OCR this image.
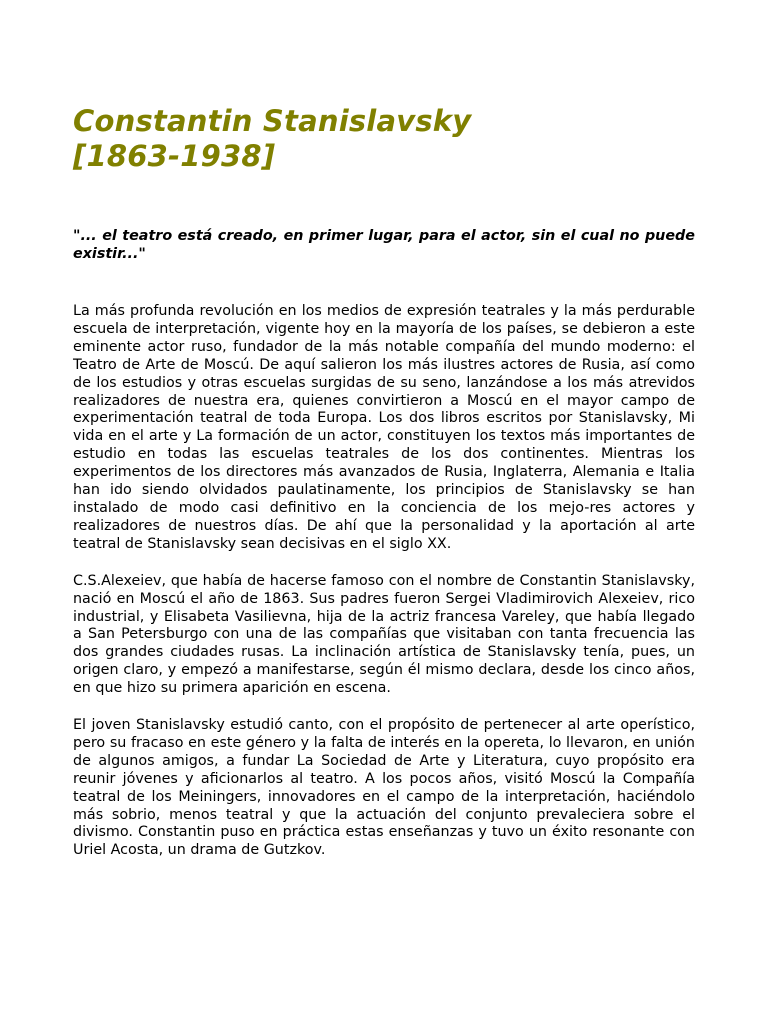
Constantin Stanislavsky
[1863-1938]

"... el teatro está creado, en primer lugar, para el actor, sin el cual no puede existir..."

La más profunda revolución en los medios de expresión teatrales y la más perdurable escuela de interpretación, vigente hoy en la mayoría de los países, se debieron a este eminente actor ruso, fundador de la más notable compañía del mundo moderno: el Teatro de Arte de Moscú. De aquí salieron los más ilustres actores de Rusia, así como de los estudios y otras escuelas surgidas de su seno, lanzándose a los más atrevidos realizadores de nuestra era, quienes convirtieron a Moscú en el mayor campo de experimentación teatral de toda Europa. Los dos libros escritos por Stanislavsky, Mi vida en el arte y La formación de un actor, constituyen los textos más importantes de estudio en todas las escuelas teatrales de los dos continentes. Mientras los experimentos de los directores más avanzados de Rusia, Inglaterra, Alemania e Italia han ido siendo olvidados paulatinamente, los principios de Stanislavsky se han instalado de modo casi definitivo en la conciencia de los mejo-res actores y realizadores de nuestros días. De ahí que la personalidad y la aportación al arte teatral de Stanislavsky sean decisivas en el siglo XX.

C.S.Alexeiev, que había de hacerse famoso con el nombre de Constantin Stanislavsky, nació en Moscú el año de 1863. Sus padres fueron Sergei Vladimirovich Alexeiev, rico industrial, y Elisabeta Vasilievna, hija de la actriz francesa Vareley, que había llegado a San Petersburgo con una de las compañías que visitaban con tanta frecuencia las dos grandes ciudades rusas. La inclinación artística de Stanislavsky tenía, pues, un origen claro, y empezó a manifestarse, según él mismo declara, desde los cinco años, en que hizo su primera aparición en escena.

El joven Stanislavsky estudió canto, con el propósito de pertenecer al arte operístico, pero su fracaso en este género y la falta de interés en la opereta, lo llevaron, en unión de algunos amigos, a fundar La Sociedad de Arte y Literatura, cuyo propósito era reunir jóvenes y aficionarlos al teatro. A los pocos años, visitó Moscú la Compañía teatral de los Meiningers, innovadores en el campo de la interpretación, haciéndolo más sobrio, menos teatral y que la actuación del conjunto prevaleciera sobre el divismo. Constantin puso en práctica estas enseñanzas y tuvo un éxito resonante con Uriel Acosta, un drama de Gutzkov.
